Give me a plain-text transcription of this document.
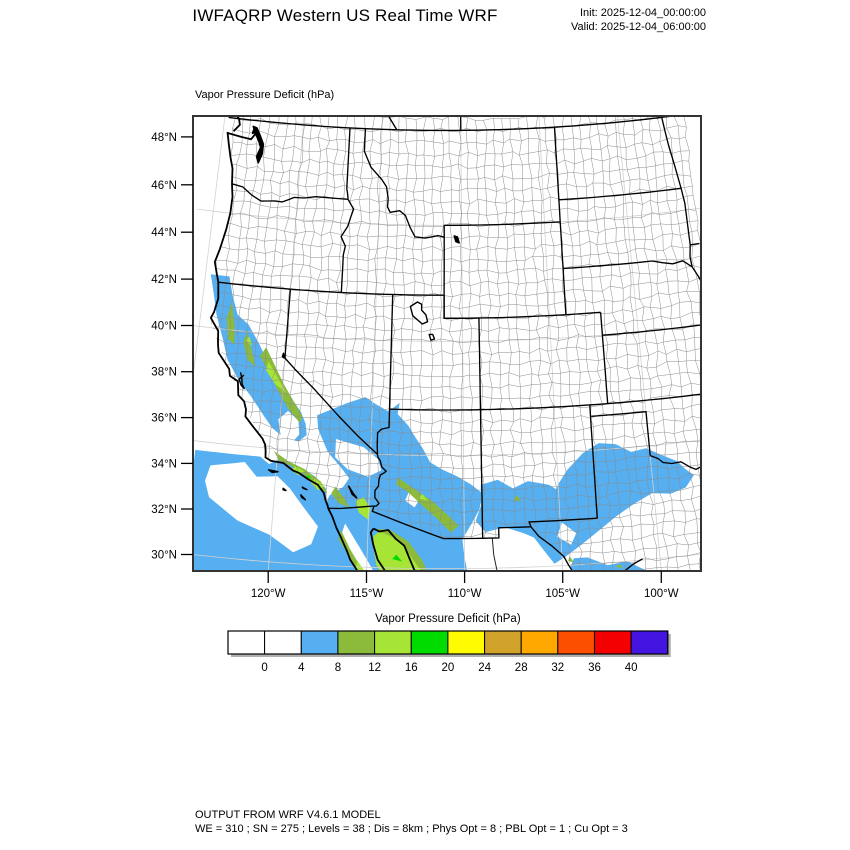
IWFAQRP Western US Real Time WRF	Init: 2025-12-04_00:00:00
Valid: 2025-12-04_06:00:00
Vapor Pressure Deficit (hPa)
48°N
46°N
44°N
42°N
40°N
38°N
36°N
34°N
32°N
30°N
120°W	115°W	110°W	105°W	100°W
Vapor Pressure Deficit (hPa)
0	4	8 12 16 20 24 28 32 36 40
OUTPUT FROM WRF V4.6.1 MODEL
WE = 310 ; SN = 275 ; Levels = 38 ; Dis = 8km ; Phys Opt = 8 ; PBL Opt = 1 ; Cu Opt = 3
